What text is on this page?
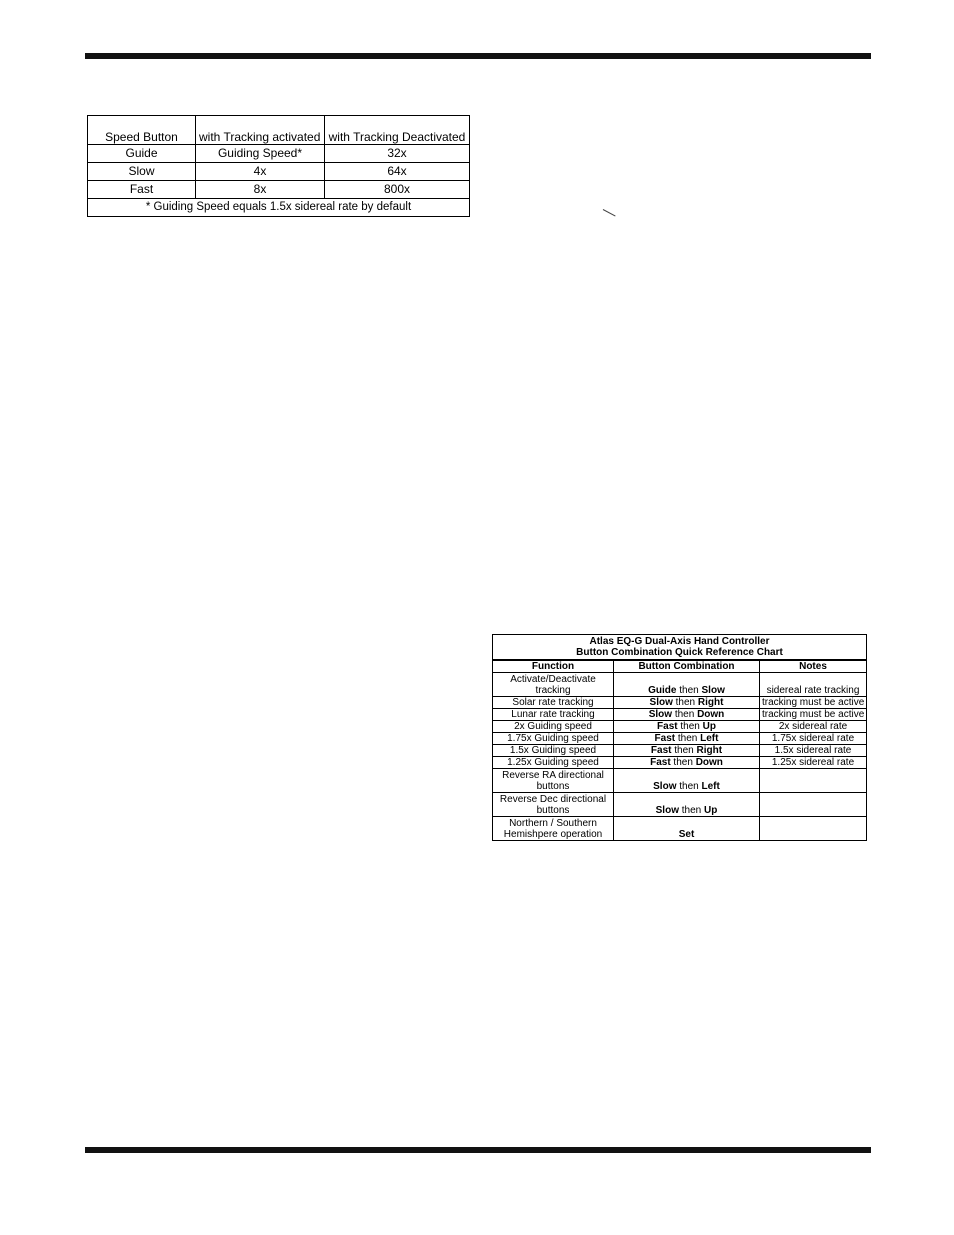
Speed Button	with Tracking activated	with Tracking Deactivated
Guide	Guiding Speed*	32x
Slow	4x	64x
Fast	8x	800x
* Guiding Speed equals 1.5x sidereal rate by default		
Atlas EQ-G Dual-Axis Hand Controller
Button Combination Quick Reference Chart		

Function	Button Combination	Notes
Activate/Deactivate tracking	Guide then Slow	sidereal rate tracking
Solar rate tracking	Slow then Right	tracking must be active
Lunar rate tracking	Slow then Down	tracking must be active
2x Guiding speed	Fast then Up	2x sidereal rate
1.75x Guiding speed	Fast then Left	1.75x sidereal rate
1.5x Guiding speed	Fast then Right	1.5x sidereal rate
1.25x Guiding speed	Fast then Down	1.25x sidereal rate
Reverse RA directional buttons	Slow then Left	
Reverse Dec directional buttons	Slow then Up	
Northern / Southern Hemishpere operation	Set	
